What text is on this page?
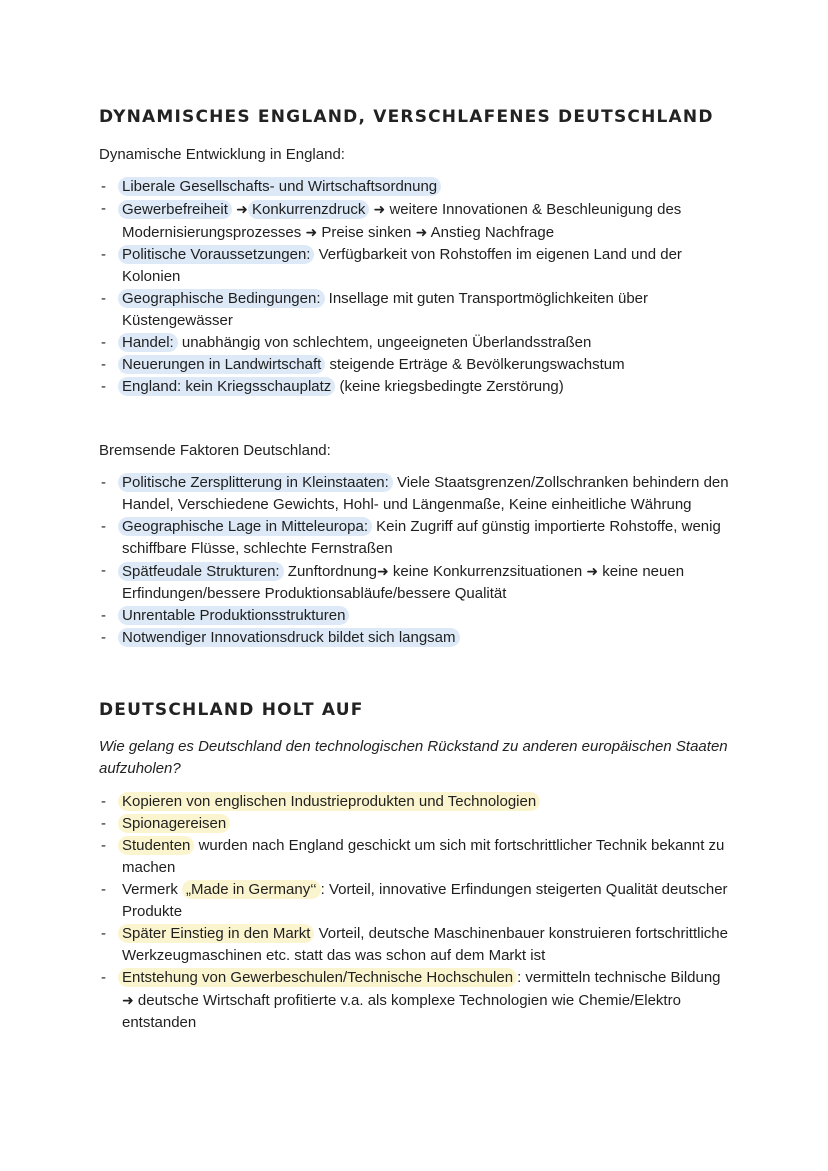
DYNAMISCHES ENGLAND, VERSCHLAFENES DEUTSCHLAND
Dynamische Entwicklung in England:
- Liberale Gesellschafts- und Wirtschaftsordnung
- Gewerbefreiheit ➜ Konkurrenzdruck ➜ weitere Innovationen & Beschleunigung des Modernisierungsprozesses ➜ Preise sinken ➜ Anstieg Nachfrage
- Politische Voraussetzungen: Verfügbarkeit von Rohstoffen im eigenen Land und der Kolonien
- Geographische Bedingungen: Insellage mit guten Transportmöglichkeiten über Küstengewässer
- Handel: unabhängig von schlechtem, ungeeigneten Überlandsstraßen
- Neuerungen in Landwirtschaft steigende Erträge & Bevölkerungswachstum
- England: kein Kriegsschauplatz (keine kriegsbedingte Zerstörung)
Bremsende Faktoren Deutschland:
- Politische Zersplitterung in Kleinstaaten: Viele Staatsgrenzen/Zollschranken behindern den Handel, Verschiedene Gewichts, Hohl- und Längenmaße, Keine einheitliche Währung
- Geographische Lage in Mitteleuropa: Kein Zugriff auf günstig importierte Rohstoffe, wenig schiffbare Flüsse, schlechte Fernstraßen
- Spätfeudale Strukturen: Zunftordnung➜ keine Konkurrenzsituationen ➜ keine neuen Erfindungen/bessere Produktionsabläufe/bessere Qualität
- Unrentable Produktionsstrukturen
- Notwendiger Innovationsdruck bildet sich langsam
DEUTSCHLAND HOLT AUF
Wie gelang es Deutschland den technologischen Rückstand zu anderen europäischen Staaten aufzuholen?
- Kopieren von englischen Industrieprodukten und Technologien
- Spionagereisen
- Studenten wurden nach England geschickt um sich mit fortschrittlicher Technik bekannt zu machen
- Vermerk „Made in Germany‘‘ : Vorteil, innovative Erfindungen steigerten Qualität deutscher Produkte
- Später Einstieg in den Markt Vorteil, deutsche Maschinenbauer konstruieren fortschrittliche Werkzeugmaschinen etc. statt das was schon auf dem Markt ist
- Entstehung von Gewerbeschulen/Technische Hochschulen : vermitteln technische Bildung
➜ deutsche Wirtschaft profitierte v.a. als komplexe Technologien wie Chemie/Elektro entstanden
